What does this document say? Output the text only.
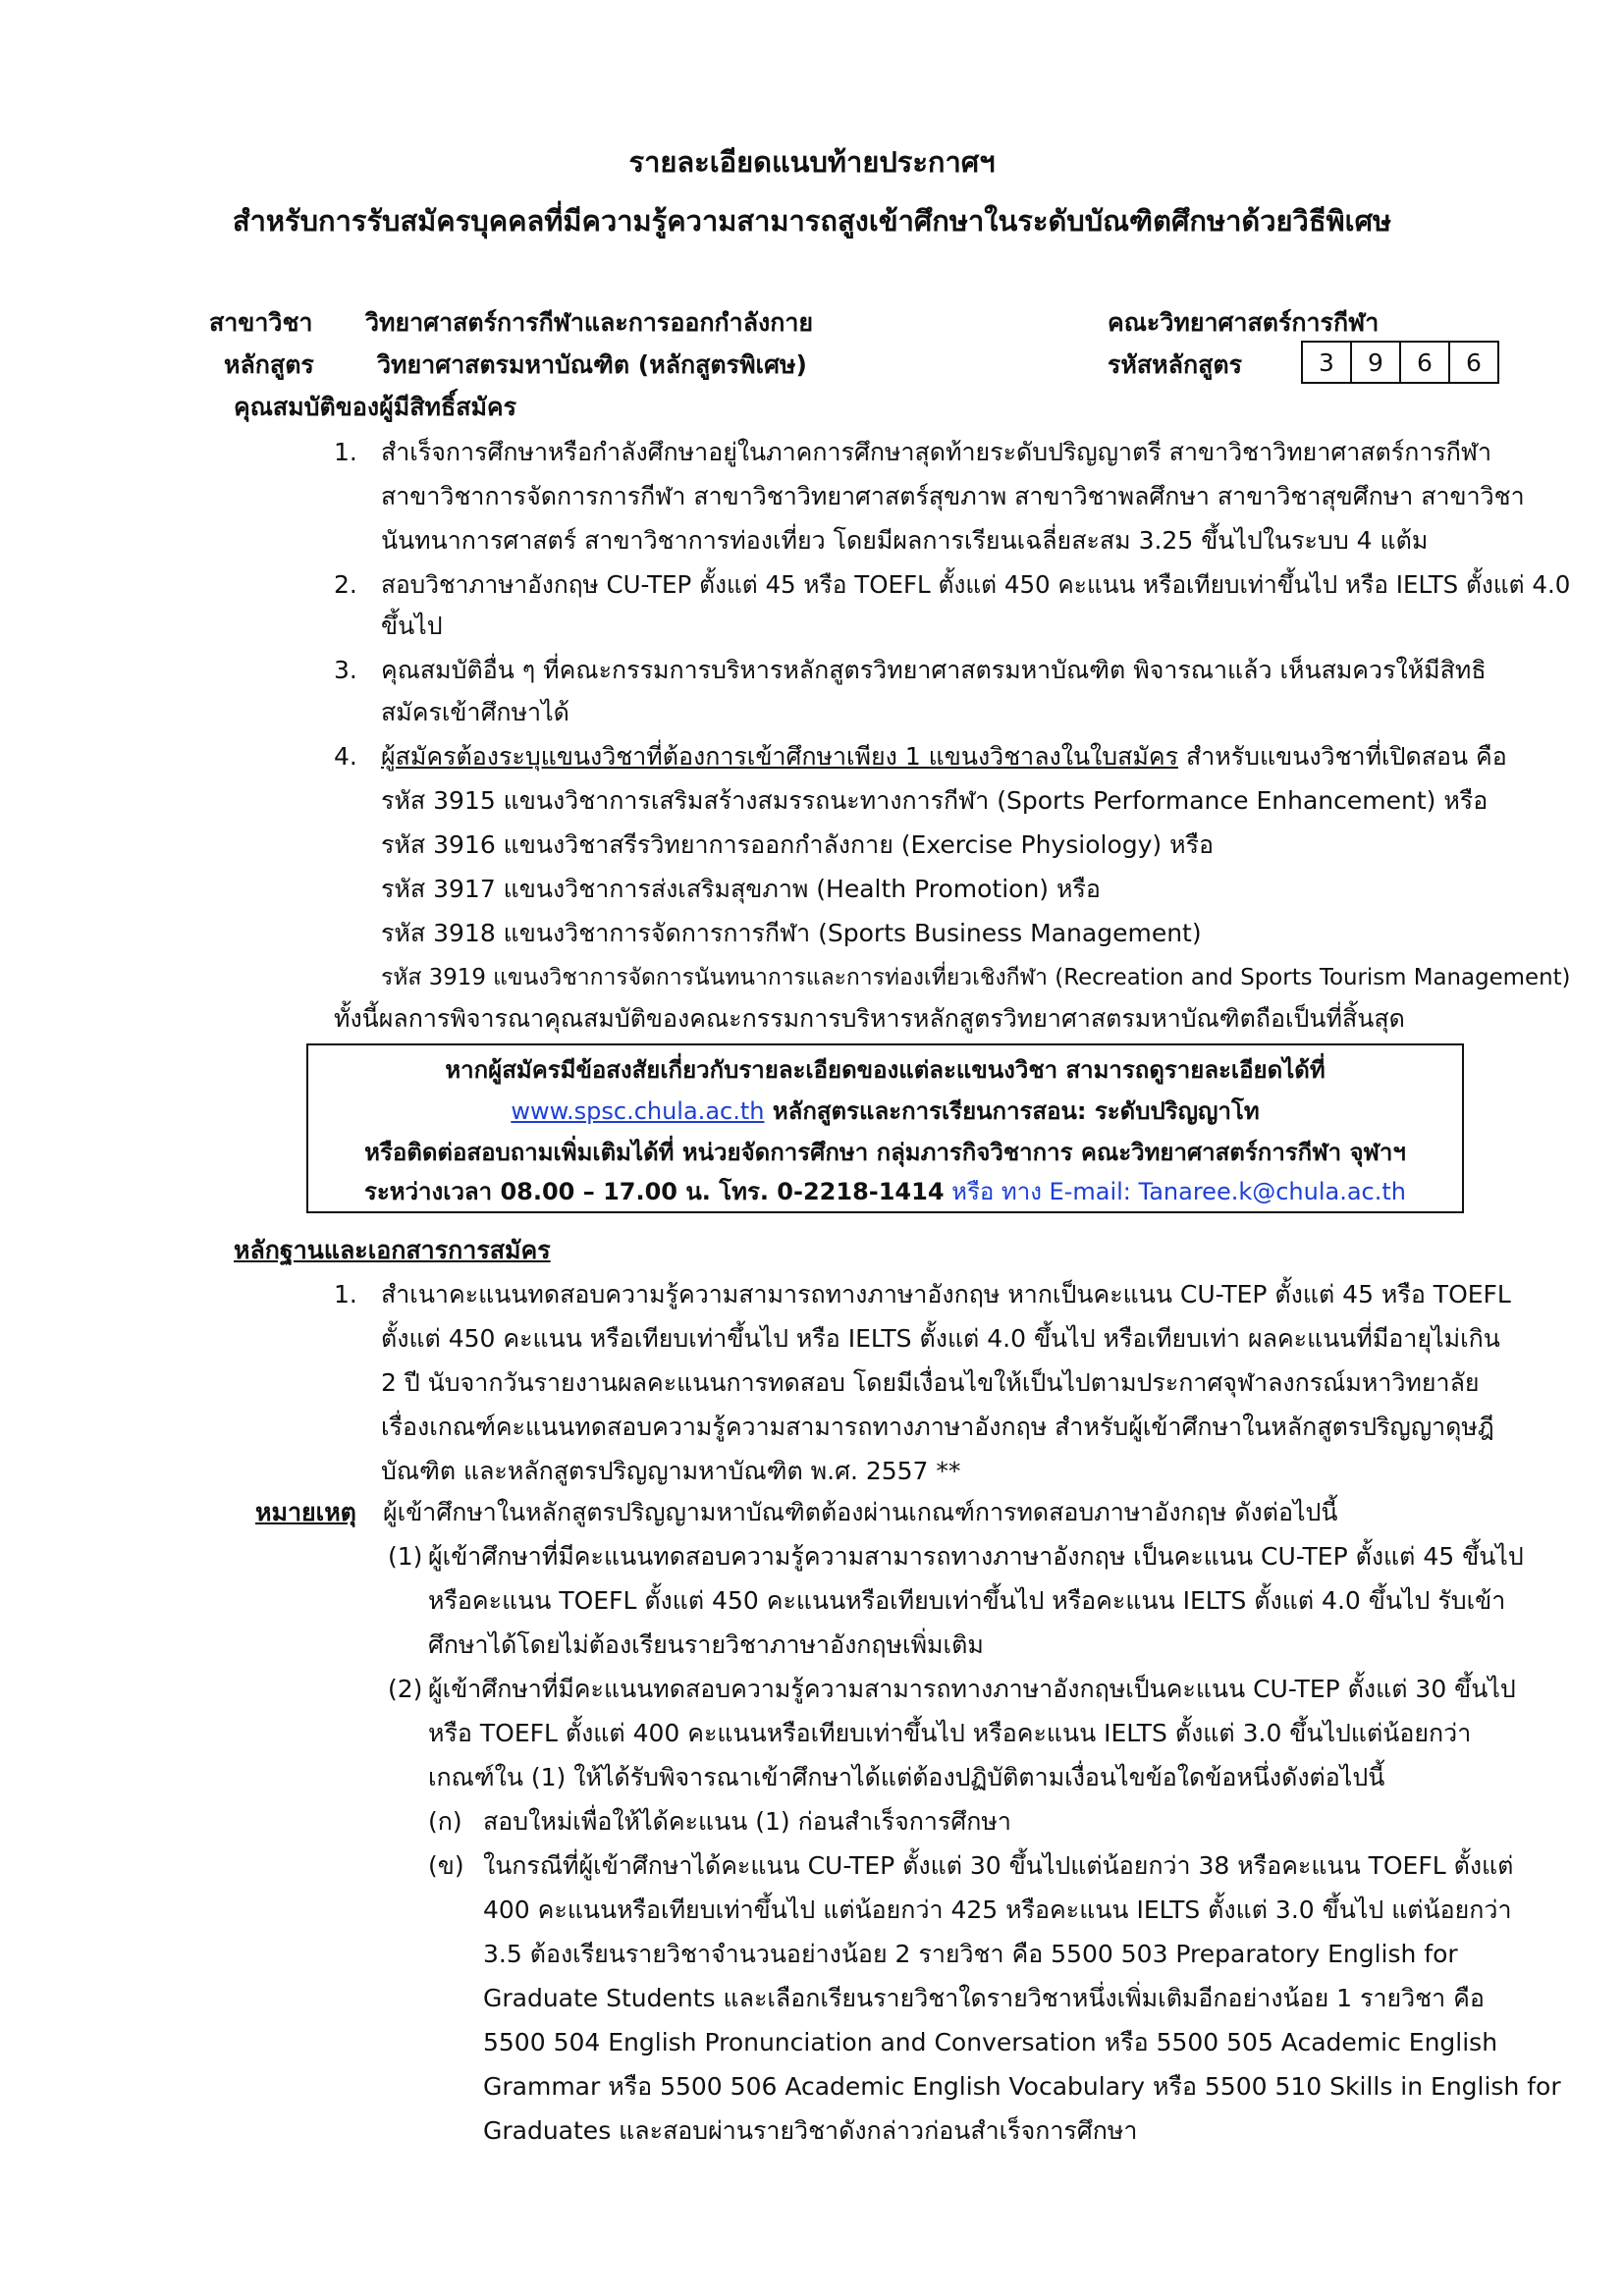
รายละเอียดแนบท้ายประกาศฯ
สำหรับการรับสมัครบุคคลที่มีความรู้ความสามารถสูงเข้าศึกษาในระดับบัณฑิตศึกษาด้วยวิธีพิเศษ
สาขาวิชา วิทยาศาสตร์การกีฬาและการออกกำลังกาย	คณะวิทยาศาสตร์การกีฬา
หลักสูตร	วิทยาศาสตรมหาบัณฑิต (หลักสูตรพิเศษ)	รหัสหลักสูตร	3	9	6	6
คุณสมบัติของผู้มีสิทธิ์สมัคร
1. สำเร็จการศึกษาหรือกำลังศึกษาอยู่ในภาคการศึกษาสุดท้ายระดับปริญญาตรี สาขาวิชาวิทยาศาสตร์การกีฬา
สาขาวิชาการจัดการการกีฬา สาขาวิชาวิทยาศาสตร์สุขภาพ สาขาวิชาพลศึกษา สาขาวิชาสุขศึกษา สาขาวิชา
นันทนาการศาสตร์ สาขาวิชาการท่องเที่ยว โดยมีผลการเรียนเฉลี่ยสะสม 3.25 ขึ้นไปในระบบ 4 แต้ม
2. สอบวิชาภาษาอังกฤษ CU-TEP ตั้งแต่ 45 หรือ TOEFL ตั้งแต่ 450 คะแนน หรือเทียบเท่าขึ้นไป หรือ IELTS ตั้งแต่ 4.0
ขึ้นไป
3. คุณสมบัติอื่น ๆ ที่คณะกรรมการบริหารหลักสูตรวิทยาศาสตรมหาบัณฑิต พิจารณาแล้ว เห็นสมควรให้มีสิทธิ
สมัครเข้าศึกษาได้
4. ผู้สมัครต้องระบุแขนงวิชาที่ต้องการเข้าศึกษาเพียง 1 แขนงวิชาลงในใบสมัคร สำหรับแขนงวิชาที่เปิดสอน คือ
รหัส 3915 แขนงวิชาการเสริมสร้างสมรรถนะทางการกีฬา (Sports Performance Enhancement) หรือ
รหัส 3916 แขนงวิชาสรีรวิทยาการออกกำลังกาย (Exercise Physiology) หรือ
รหัส 3917 แขนงวิชาการส่งเสริมสุขภาพ (Health Promotion) หรือ
รหัส 3918 แขนงวิชาการจัดการการกีฬา (Sports Business Management)
รหัส 3919 แขนงวิชาการจัดการนันทนาการและการท่องเที่ยวเชิงกีฬา (Recreation and Sports Tourism Management)
ทั้งนี้ผลการพิจารณาคุณสมบัติของคณะกรรมการบริหารหลักสูตรวิทยาศาสตรมหาบัณฑิตถือเป็นที่สิ้นสุด
หากผู้สมัครมีข้อสงสัยเกี่ยวกับรายละเอียดของแต่ละแขนงวิชา สามารถดูรายละเอียดได้ที่
www.spsc.chula.ac.th หลักสูตรและการเรียนการสอน: ระดับปริญญาโท
หรือติดต่อสอบถามเพิ่มเติมได้ที่ หน่วยจัดการศึกษา กลุ่มภารกิจวิชาการ คณะวิทยาศาสตร์การกีฬา จุฬาฯ
ระหว่างเวลา 08.00 – 17.00 น. โทร. 0-2218-1414 หรือ ทาง E-mail: Tanaree.k@chula.ac.th
หลักฐานและเอกสารการสมัคร
1. สำเนาคะแนนทดสอบความรู้ความสามารถทางภาษาอังกฤษ หากเป็นคะแนน CU-TEP ตั้งแต่ 45 หรือ TOEFL
ตั้งแต่ 450 คะแนน หรือเทียบเท่าขึ้นไป หรือ IELTS ตั้งแต่ 4.0 ขึ้นไป หรือเทียบเท่า ผลคะแนนที่มีอายุไม่เกิน
2 ปี นับจากวันรายงานผลคะแนนการทดสอบ โดยมีเงื่อนไขให้เป็นไปตามประกาศจุฬาลงกรณ์มหาวิทยาลัย
เรื่องเกณฑ์คะแนนทดสอบความรู้ความสามารถทางภาษาอังกฤษ สำหรับผู้เข้าศึกษาในหลักสูตรปริญญาดุษฎี
บัณฑิต และหลักสูตรปริญญามหาบัณฑิต พ.ศ. 2557 **
หมายเหตุ ผู้เข้าศึกษาในหลักสูตรปริญญามหาบัณฑิตต้องผ่านเกณฑ์การทดสอบภาษาอังกฤษ ดังต่อไปนี้
(1) ผู้เข้าศึกษาที่มีคะแนนทดสอบความรู้ความสามารถทางภาษาอังกฤษ เป็นคะแนน CU-TEP ตั้งแต่ 45 ขึ้นไป
หรือคะแนน TOEFL ตั้งแต่ 450 คะแนนหรือเทียบเท่าขึ้นไป หรือคะแนน IELTS ตั้งแต่ 4.0 ขึ้นไป รับเข้า
ศึกษาได้โดยไม่ต้องเรียนรายวิชาภาษาอังกฤษเพิ่มเติม
(2) ผู้เข้าศึกษาที่มีคะแนนทดสอบความรู้ความสามารถทางภาษาอังกฤษเป็นคะแนน CU-TEP ตั้งแต่ 30 ขึ้นไป
หรือ TOEFL ตั้งแต่ 400 คะแนนหรือเทียบเท่าขึ้นไป หรือคะแนน IELTS ตั้งแต่ 3.0 ขึ้นไปแต่น้อยกว่า
เกณฑ์ใน (1) ให้ได้รับพิจารณาเข้าศึกษาได้แต่ต้องปฏิบัติตามเงื่อนไขข้อใดข้อหนึ่งดังต่อไปนี้
(ก) สอบใหม่เพื่อให้ได้คะแนน (1) ก่อนสำเร็จการศึกษา
(ข) ในกรณีที่ผู้เข้าศึกษาได้คะแนน CU-TEP ตั้งแต่ 30 ขึ้นไปแต่น้อยกว่า 38 หรือคะแนน TOEFL ตั้งแต่
400 คะแนนหรือเทียบเท่าขึ้นไป แต่น้อยกว่า 425 หรือคะแนน IELTS ตั้งแต่ 3.0 ขึ้นไป แต่น้อยกว่า
3.5 ต้องเรียนรายวิชาจำนวนอย่างน้อย 2 รายวิชา คือ 5500 503 Preparatory English for
Graduate Students และเลือกเรียนรายวิชาใดรายวิชาหนึ่งเพิ่มเติมอีกอย่างน้อย 1 รายวิชา คือ
5500 504 English Pronunciation and Conversation หรือ 5500 505 Academic English
Grammar หรือ 5500 506 Academic English Vocabulary หรือ 5500 510 Skills in English for
Graduates และสอบผ่านรายวิชาดังกล่าวก่อนสำเร็จการศึกษา
